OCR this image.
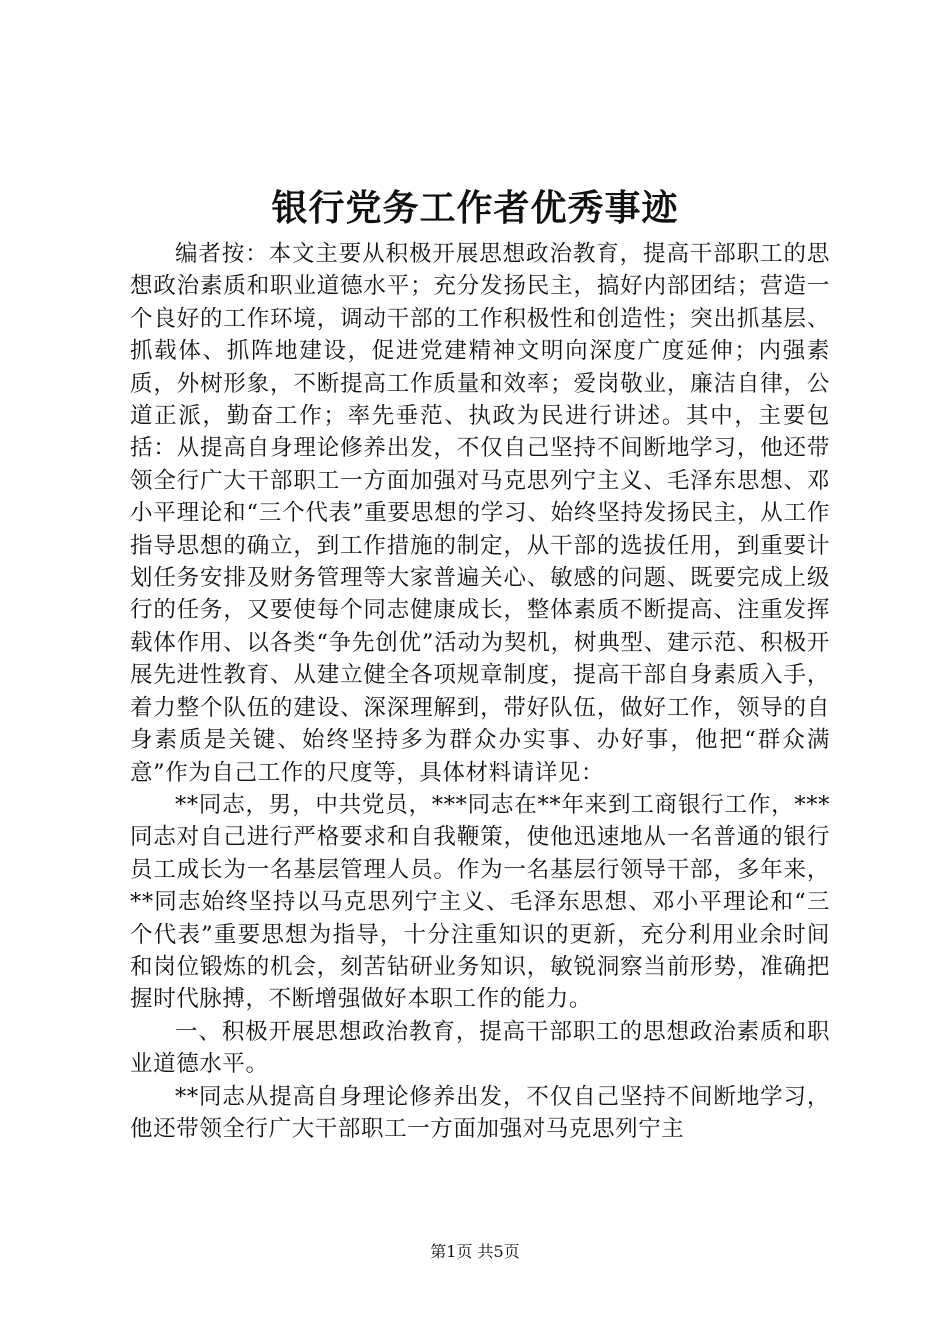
银行党务工作者优秀事迹

编者按：本文主要从积极开展思想政治教育，提高干部职工的思想政治素质和职业道德水平；充分发扬民主，搞好内部团结；营造一个良好的工作环境，调动干部的工作积极性和创造性；突出抓基层、抓载体、抓阵地建设，促进党建精神文明向深度广度延伸；内强素质，外树形象，不断提高工作质量和效率；爱岗敬业，廉洁自律，公道正派，勤奋工作；率先垂范、执政为民进行讲述。其中，主要包括：从提高自身理论修养出发，不仅自己坚持不间断地学习，他还带领全行广大干部职工一方面加强对马克思列宁主义、毛泽东思想、邓小平理论和“三个代表”重要思想的学习、始终坚持发扬民主，从工作指导思想的确立，到工作措施的制定，从干部的选拔任用，到重要计划任务安排及财务管理等大家普遍关心、敏感的问题、既要完成上级行的任务，又要使每个同志健康成长，整体素质不断提高、注重发挥载体作用、以各类“争先创优”活动为契机，树典型、建示范、积极开展先进性教育、从建立健全各项规章制度，提高干部自身素质入手，着力整个队伍的建设、深深理解到，带好队伍，做好工作，领导的自身素质是关键、始终坚持多为群众办实事、办好事，他把“群众满意”作为自己工作的尺度等，具体材料请详见：

**同志，男，中共党员，***同志在**年来到工商银行工作，***同志对自己进行严格要求和自我鞭策，使他迅速地从一名普通的银行员工成长为一名基层管理人员。作为一名基层行领导干部，多年来，**同志始终坚持以马克思列宁主义、毛泽东思想、邓小平理论和“三个代表”重要思想为指导，十分注重知识的更新，充分利用业余时间和岗位锻炼的机会，刻苦钻研业务知识，敏锐洞察当前形势，准确把握时代脉搏，不断增强做好本职工作的能力。

一、积极开展思想政治教育，提高干部职工的思想政治素质和职业道德水平。

**同志从提高自身理论修养出发，不仅自己坚持不间断地学习，他还带领全行广大干部职工一方面加强对马克思列宁主

第1页 共5页
